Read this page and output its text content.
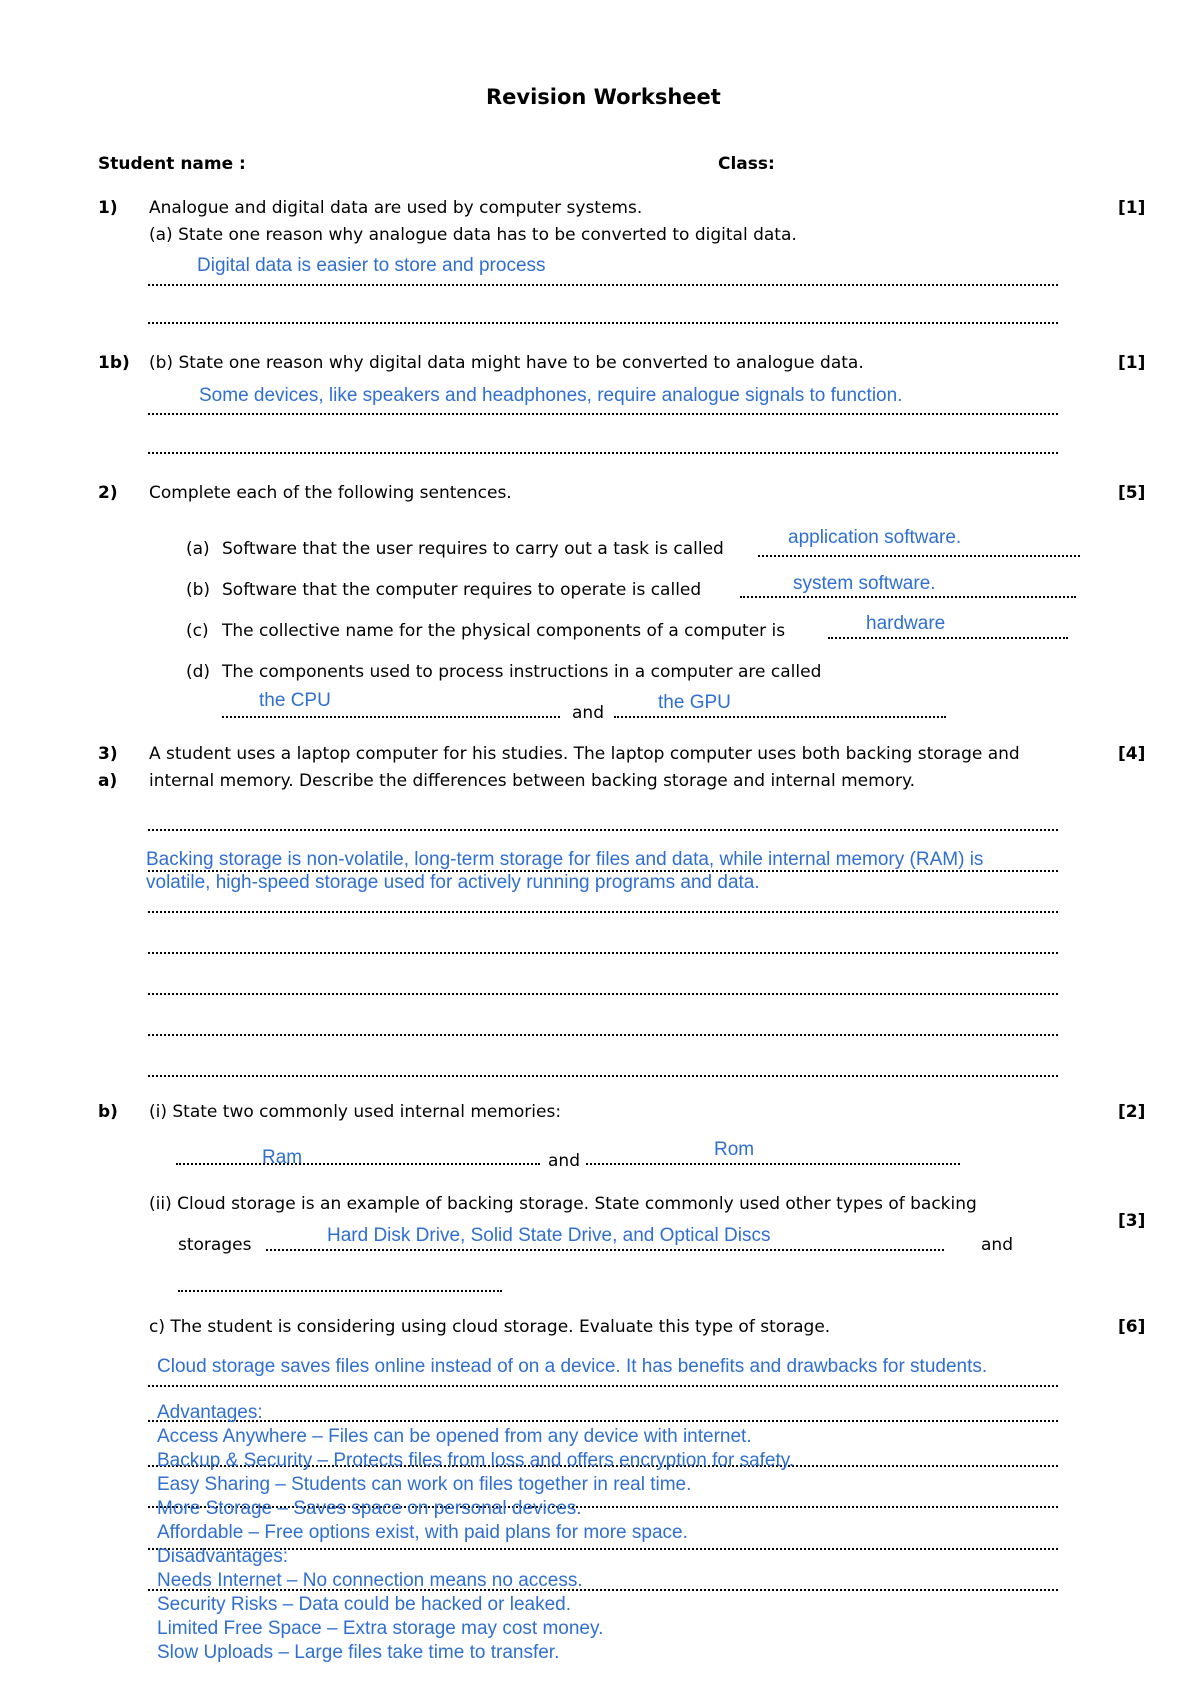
Revision Worksheet
Student name :	Class:
1) Analogue and digital data are used by computer systems.	[1]
(a) State one reason why analogue data has to be converted to digital data.
Digital data is easier to store and process
1b) (b) State one reason why digital data might have to be converted to analogue data.	[1]
Some devices, like speakers and headphones, require analogue signals to function.
2) Complete each of the following sentences.	[5]
(a) Software that the user requires to carry out a task is called
application software.
(b) Software that the computer requires to operate is called	system software.
(c) The collective name for the physical components of a computer is	hardware
(d) The components used to process instructions in a computer are called
the CPU
and	the GPU
3)
a)
A student uses a laptop computer for his studies. The laptop computer uses both backing storage and
internal memory. Describe the differences between backing storage and internal memory.
[4]
Backing storage is non-volatile, long-term storage for files and data, while internal memory (RAM) is
volatile, high-speed storage used for actively running programs and data.
b) (i) State two commonly used internal memories:	[2]
Ram	and
Rom
(ii) Cloud storage is an example of backing storage. State commonly used other types of backing
[3]
storages	Hard Disk Drive, Solid State Drive, and Optical Discs	and
c) The student is considering using cloud storage. Evaluate this type of storage.	[6]
Cloud storage saves files online instead of on a device. It has benefits and drawbacks for students.
Advantages:
Access Anywhere – Files can be opened from any device with internet.
Backup & Security – Protects files from loss and offers encryption for safety.
Easy Sharing – Students can work on files together in real time.
More Storage – Saves space on personal devices.
Affordable – Free options exist, with paid plans for more space.
Disadvantages:
Needs Internet – No connection means no access.
Security Risks – Data could be hacked or leaked.
Limited Free Space – Extra storage may cost money.
Slow Uploads – Large files take time to transfer.
